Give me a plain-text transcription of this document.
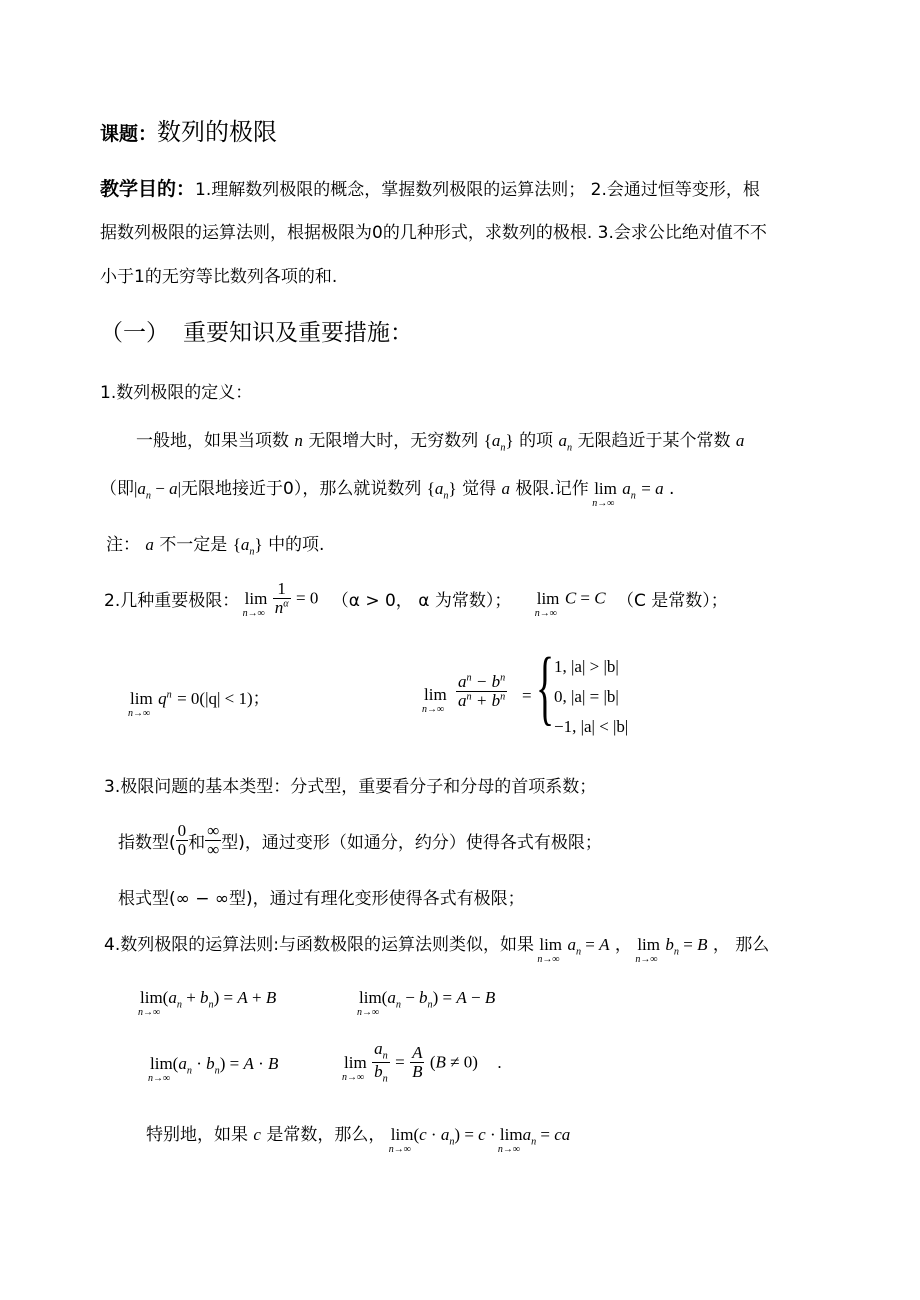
课题：数列的极限
教学目的：1.理解数列极限的概念，掌握数列极限的运算法则； 2.会通过恒等变形，根
据数列极限的运算法则，根据极限为0的几种形式，求数列的极根. 3.会求公比绝对值不不
小于1的无穷等比数列各项的和.
（一） 重要知识及重要措施：
1.数列极限的定义：
一般地，如果当项数 n 无限增大时，无穷数列 $\{a_n\}$ 的项 $a_n$ 无限趋近于某个常数 a
（即$|a_n - a|$无限地接近于0），那么就说数列 $\{a_n\}$ 觉得 a 极限.记作 lim
n→∞
$a_n = a$ .
注： a 不一定是 $\{a_n\}$ 中的项.
2.几种重要极限： lim
n→∞
$\frac{1}{n^\alpha} = 0$ （α > 0， α 为常数）； lim
n→∞
C = C （C 是常数）；
lim
n→∞
$q^n = 0(|q| < 1)$；	lim
$n\to\infty \frac{a^n - b^n}{a^n + b^n}$ = { 1, |a| > |b|
0, |a| = |b|
−1, |a| < |b|
3.极限问题的基本类型：分式型，重要看分子和分母的首项系数；
指数型( $\frac{0}{0}$ 和 $\frac{\infty}{\infty}$ 型)，通过变形（如通分，约分）使得各式有极限；
根式型(∞ − ∞型)，通过有理化变形使得各式有极限；
4.数列极限的运算法则:与函数极限的运算法则类似，如果 lim
n→∞
$a_n = A$ ， lim
n→∞
$b_n = B$ ， 那么
lim
n→∞
$(a_n + b_n) = A + B$	lim
n→∞
$(a_n - b_n) = A - B$
lim
n→∞
$(a_n \cdot b_n) = A \cdot B$	lim
n→∞
$\frac{a_n}{b_n} = \frac{A}{B} (B \ne 0)$ .
特别地，如果 c 是常数，那么， lim
n→∞
$(c \cdot a_n) = c \cdot \lim$
n→∞
$a_n$ = ca
